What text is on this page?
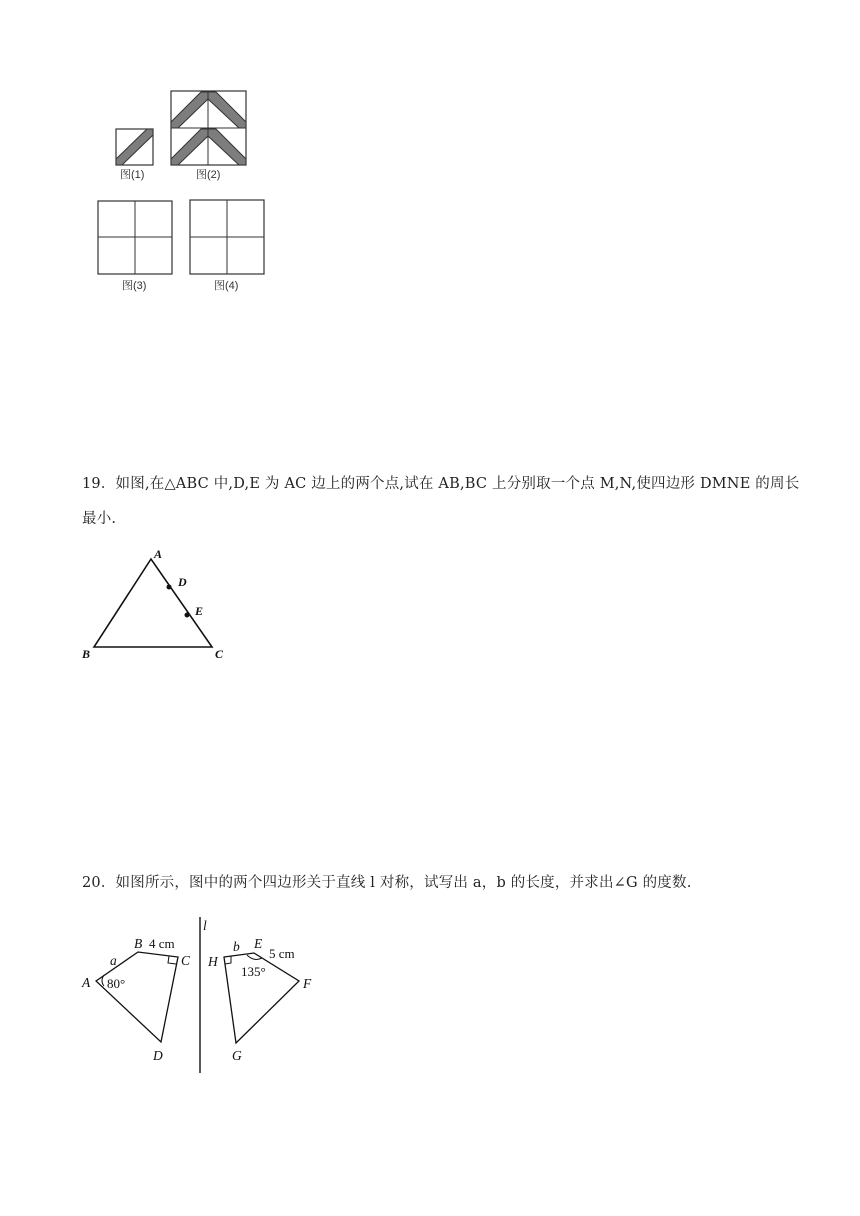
图(1)	图(2)
图(3)	图(4)
19．如图,在△ABC 中,D,E 为 AC 边上的两个点,试在 AB,BC 上分别取一个点 M,N,使四边形 DMNE 的周长
最小.
A
D
E
B	C
20．如图所示，图中的两个四边形关于直线 l 对称，试写出 a，b 的长度，并求出∠G 的度数.
l
B 4 cm
a	C
A 80°
D
b E
5 cm
H
135°
F
G
